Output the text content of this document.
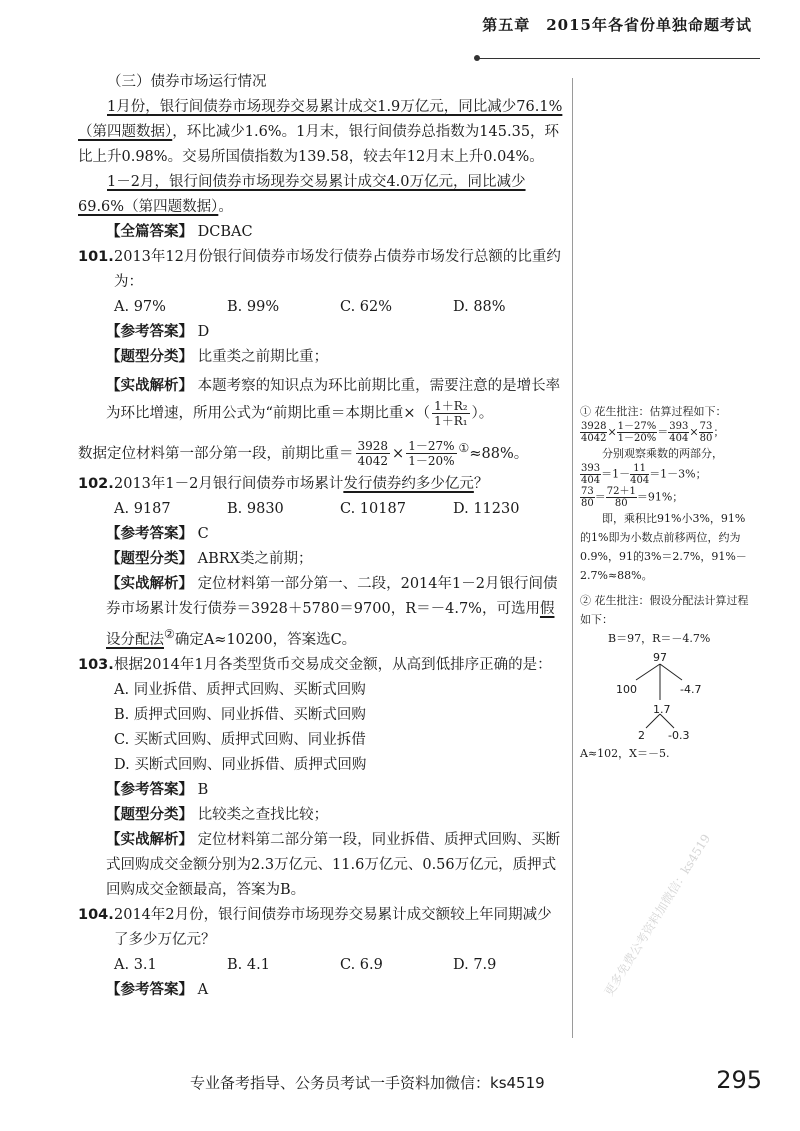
第五章　2015年各省份单独命题考试

（三）债券市场运行情况

1月份，银行间债券市场现券交易累计成交1.9万亿元，同比减少76.1%（第四题数据），环比减少1.6%。1月末，银行间债券总指数为145.35，环比上升0.98%。交易所国债指数为139.58，较去年12月末上升0.04%。

1－2月，银行间债券市场现券交易累计成交4.0万亿元，同比减少69.6%（第四题数据）。

【全篇答案】 DCBAC

101. 2013年12月份银行间债券市场发行债券占债券市场发行总额的比重约为：
A. 97%	B. 99%	C. 62%	D. 88%

【参考答案】 D

【题型分类】 比重类之前期比重；

【实战解析】 本题考察的知识点为环比前期比重，需要注意的是增长率为环比增速，所用公式为“前期比重＝本期比重×（ $\frac{\text{1＋R₂}}{\text{1＋R₁}}$ ）。

数据定位材料第一部分第一段，前期比重＝ $\frac{3928}{4042} \times \frac{1-27\%}{1-20\%} ^①\approx 88\%$。

102. 2013年1－2月银行间债券市场累计发行债券约多少亿元？
A. 9187	B. 9830	C. 10187	D. 11230

【参考答案】 C

【题型分类】 ABRX类之前期；

【实战解析】 定位材料第一部分第一、二段，2014年1－2月银行间债券市场累计发行债券＝3928＋5780＝9700，R＝－4.7%，可选用假设分配法②确定A≈10200，答案选C。

103. 根据2014年1月各类型货币交易成交金额，从高到低排序正确的是：

A. 同业拆借、质押式回购、买断式回购

B. 质押式回购、同业拆借、买断式回购

C. 买断式回购、质押式回购、同业拆借

D. 买断式回购、同业拆借、质押式回购

【参考答案】 B

【题型分类】 比较类之查找比较；

【实战解析】 定位材料第二部分第一段，同业拆借、质押式回购、买断式回购成交金额分别为2.3万亿元、11.6万亿元、0.56万亿元，质押式回购成交金额最高，答案为B。

104. 2014年2月份，银行间债券市场现券交易累计成交额较上年同期减少了多少万亿元？
A. 3.1	B. 4.1	C. 6.9	D. 7.9

【参考答案】 A

① 花生批注：估算过程如下：

$\frac{3928}{4042} \times \frac{1-27\%}{1-20\%} = \frac{393}{404} \times \frac{73}{80}$ ；

分别观察乘数的两部分，

$\frac{393}{404} =1- \frac{11}{404} =1-3\%$；

$\frac{73}{80} = \frac{72+1}{80} =91\%$；

即，乘积比91%小3%，91%的1%即为小数点前移两位，约为0.9%，91的3%＝2.7%，91%－2.7%≈88%。

② 花生批注：假设分配法计算过程如下：

B＝97，R＝－4.7%

97
100	-4.7
1.7
2 -0.3

A≈102，X＝－5.

更多免费公考资料加微信：ks4519
专业备考指导、公务员考试一手资料加微信：ks4519	295
